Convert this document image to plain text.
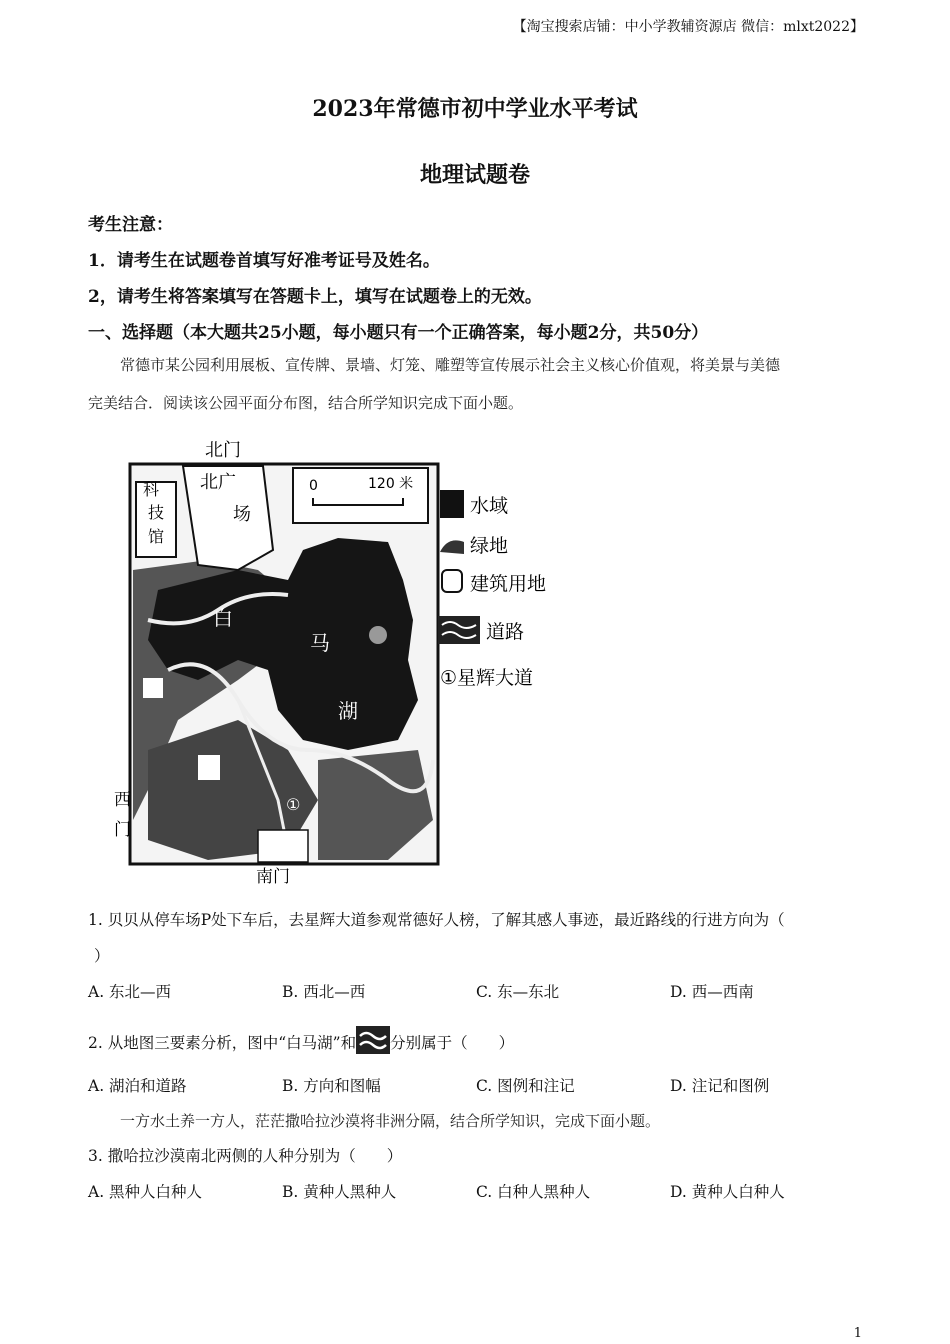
【淘宝搜索店铺：中小学教辅资源店 微信：mlxt2022】
2023年常德市初中学业水平考试
地理试题卷
考生注意：
1．请考生在试题卷首填写好准考证号及姓名。
2，请考生将答案填写在答题卡上，填写在试题卷上的无效。
一、选择题（本大题共25小题，每小题只有一个正确答案，每小题2分，共50分）
常德市某公园利用展板、宣传牌、景墙、灯笼、雕塑等宣传展示社会主义核心价值观，将美景与美德
完美结合．阅读该公园平面分布图，结合所学知识完成下面小题。
0	120 米
北门
北广
场
科
技
馆
白
马
湖
西
门
南门
①
水域
绿地
建筑用地
道路
①星辉大道
1. 贝贝从停车场P处下车后，去星辉大道参观常德好人榜，了解其感人事迹，最近路线的行进方向为（
）
A. 东北—西	B. 西北—西	C. 东—东北	D. 西—西南
2. 从地图三要素分析，图中“白马湖”和 分别属于（　　）
A. 湖泊和道路	B. 方向和图幅	C. 图例和注记	D. 注记和图例
一方水土养一方人，茫茫撒哈拉沙漠将非洲分隔，结合所学知识，完成下面小题。
3. 撒哈拉沙漠南北两侧的人种分别为（　　）
A. 黑种人白种人	B. 黄种人黑种人	C. 白种人黑种人	D. 黄种人白种人
1
